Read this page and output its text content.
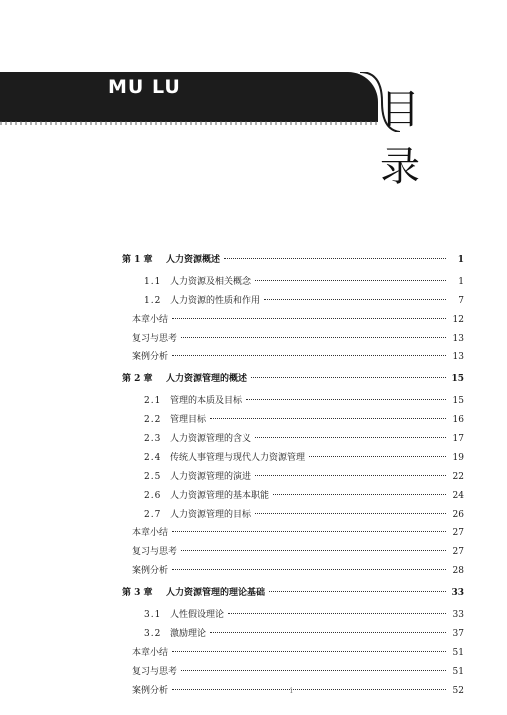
MU LU	目 录
第 1 章	人力资源概述	1
1.1 人力资源及相关概念	1
1.2 人力资源的性质和作用	7
本章小结	12
复习与思考	13
案例分析	13
第 2 章	人力资源管理的概述	15
2.1 管理的本质及目标	15
2.2 管理目标	16
2.3 人力资源管理的含义	17
2.4 传统人事管理与现代人力资源管理	19
2.5 人力资源管理的演进	22
2.6 人力资源管理的基本职能	24
2.7 人力资源管理的目标	26
本章小结	27
复习与思考	27
案例分析	28
第 3 章	人力资源管理的理论基础	33
3.1 人性假设理论	33
3.2 激励理论	37
本章小结	51
复习与思考	51
案例分析	52
i
